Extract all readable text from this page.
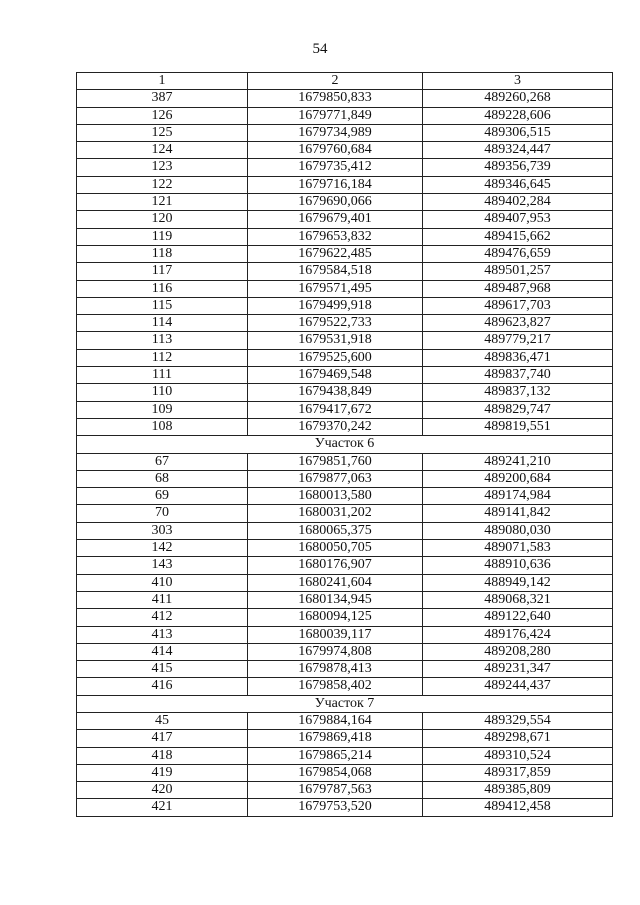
54
1	2	3
387	1679850,833	489260,268
126	1679771,849	489228,606
125	1679734,989	489306,515
124	1679760,684	489324,447
123	1679735,412	489356,739
122	1679716,184	489346,645
121	1679690,066	489402,284
120	1679679,401	489407,953
119	1679653,832	489415,662
118	1679622,485	489476,659
117	1679584,518	489501,257
116	1679571,495	489487,968
115	1679499,918	489617,703
114	1679522,733	489623,827
113	1679531,918	489779,217
112	1679525,600	489836,471
111	1679469,548	489837,740
110	1679438,849	489837,132
109	1679417,672	489829,747
108	1679370,242	489819,551
Участок 6		
67	1679851,760	489241,210
68	1679877,063	489200,684
69	1680013,580	489174,984
70	1680031,202	489141,842
303	1680065,375	489080,030
142	1680050,705	489071,583
143	1680176,907	488910,636
410	1680241,604	488949,142
411	1680134,945	489068,321
412	1680094,125	489122,640
413	1680039,117	489176,424
414	1679974,808	489208,280
415	1679878,413	489231,347
416	1679858,402	489244,437
Участок 7		
45	1679884,164	489329,554
417	1679869,418	489298,671
418	1679865,214	489310,524
419	1679854,068	489317,859
420	1679787,563	489385,809
421	1679753,520	489412,458
